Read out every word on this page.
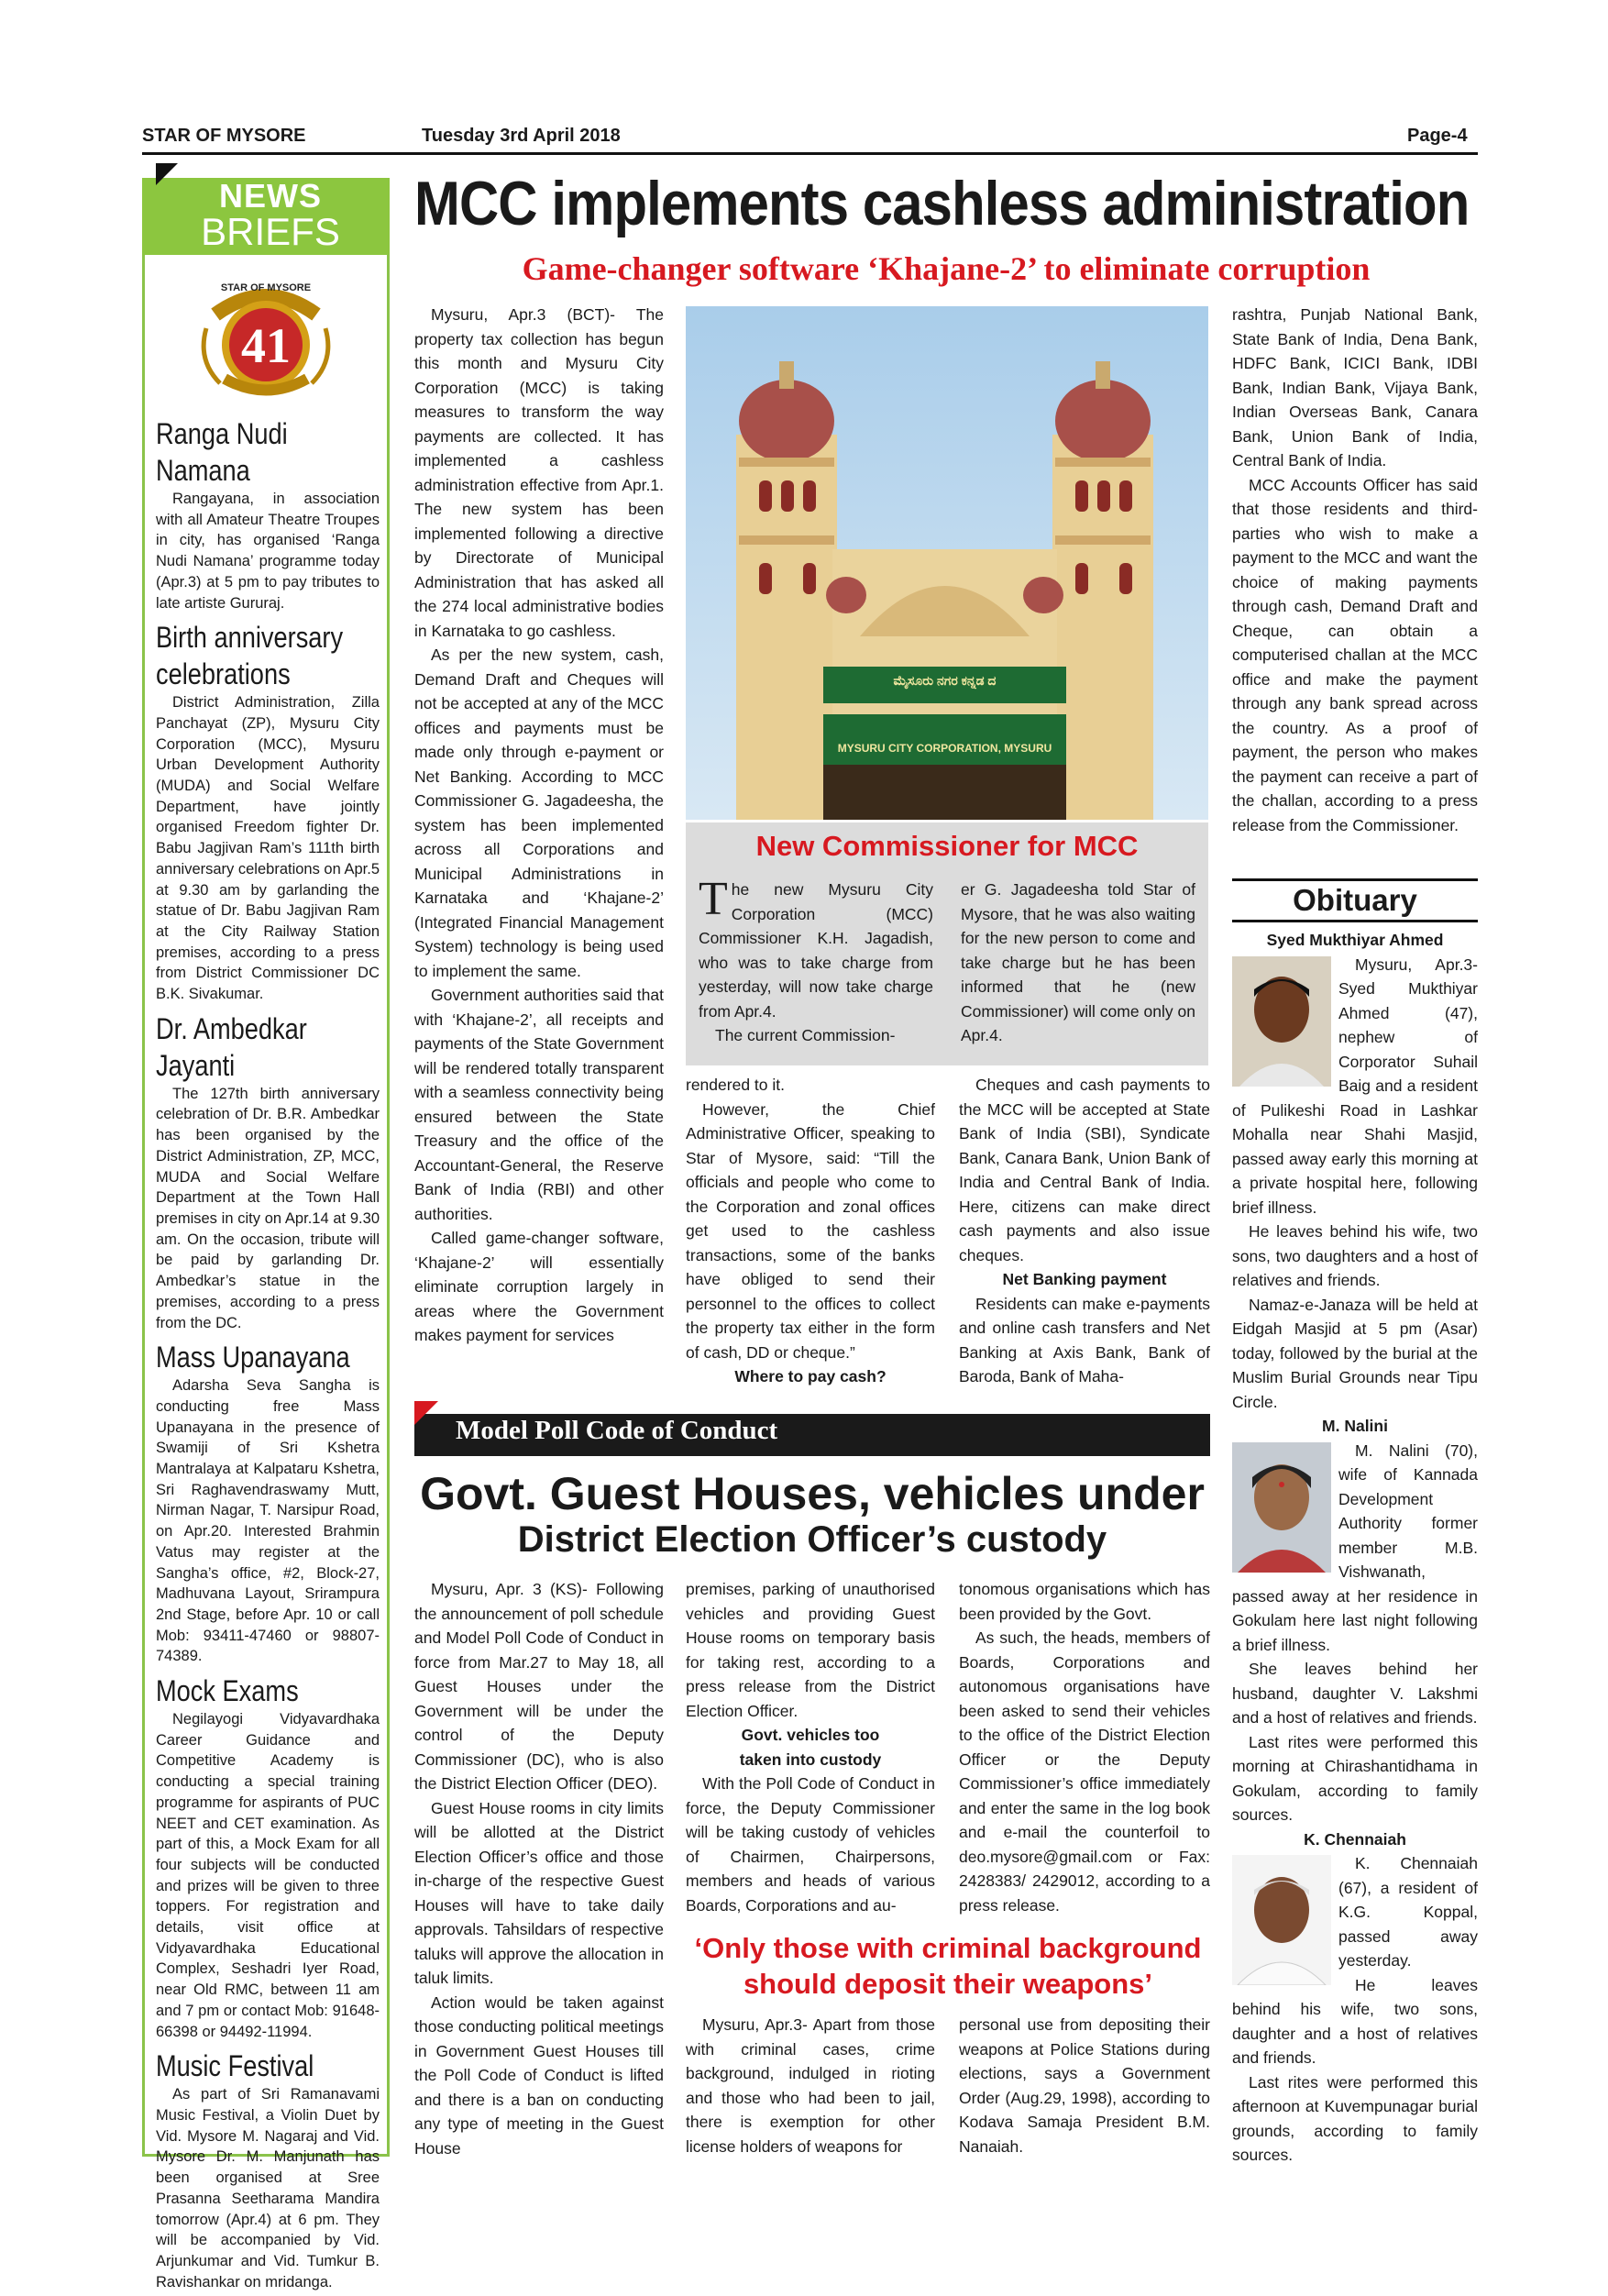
STAR OF MYSORE	Tuesday 3rd April 2018	Page-4
NEWS
BRIEFS
STAR OF MYSORE
41
Ranga Nudi Namana

Rangayana, in association with all Amateur Theatre Troupes in city, has organised ‘Ranga Nudi Namana’ programme today (Apr.3) at 5 pm to pay tributes to late artiste Gururaj.

Birth anniversary celebrations

District Administration, Zilla Panchayat (ZP), Mysuru City Corporation (MCC), Mysuru Urban Development Authority (MUDA) and Social Welfare Department, have jointly organised Freedom fighter Dr. Babu Jagjivan Ram’s 111th birth anniversary celebrations on Apr.5 at 9.30 am by garlanding the statue of Dr. Babu Jagjivan Ram at the City Railway Station premises, according to a press from District Commissioner DC B.K. Sivakumar.

Dr. Ambedkar Jayanti

The 127th birth anniversary celebration of Dr. B.R. Ambedkar has been organised by the District Administration, ZP, MCC, MUDA and Social Welfare Department at the Town Hall premises in city on Apr.14 at 9.30 am. On the occasion, tribute will be paid by garlanding Dr. Ambedkar’s statue in the premises, according to a press from the DC.

Mass Upanayana

Adarsha Seva Sangha is conducting free Mass Upanayana in the presence of Swamiji of Sri Kshetra Mantralaya at Kalpataru Kshetra, Sri Raghavendraswamy Mutt, Nirman Nagar, T. Narsipur Road, on Apr.20. Interested Brahmin Vatus may register at the Sangha’s office, #2, Block-27, Madhuvana Layout, Srirampura 2nd Stage, before Apr. 10 or call Mob: 93411-47460 or 98807-74389.

Mock Exams

Negilayogi Vidyavardhaka Career Guidance and Competitive Academy is conducting a special training programme for aspirants of PUC NEET and CET examination. As part of this, a Mock Exam for all four subjects will be conducted and prizes will be given to three toppers. For registration and details, visit office at Vidyavardhaka Educational Complex, Seshadri Iyer Road, near Old RMC, between 11 am and 7 pm or contact Mob: 91648-66398 or 94492-11994.

Music Festival

As part of Sri Ramanavami Music Festival, a Violin Duet by Vid. Mysore M. Nagaraj and Vid. Mysore Dr. M. Manjunath has been organised at Sree Prasanna Seetharama Mandira tomorrow (Apr.4) at 6 pm. They will be accompanied by Vid. Arjunkumar and Vid. Tumkur B. Ravishankar on mridanga.

MCC implements cashless administration
Game-changer software ‘Khajane-2’ to eliminate corruption

Mysuru, Apr.3 (BCT)- The property tax collection has begun this month and Mysuru City Corporation (MCC) is taking measures to transform the way payments are collected. It has implemented a cashless administration effective from Apr.1. The new system has been implemented following a directive by Directorate of Municipal Administration that has asked all the 274 local administrative bodies in Karnataka to go cashless.

As per the new system, cash, Demand Draft and Cheques will not be accepted at any of the MCC offices and payments must be made only through e-payment or Net Banking. According to MCC Commissioner G. Jagadeesha, the system has been implemented across all Corporations and Municipal Administrations in Karnataka and ‘Khajane-2’ (Integrated Financial Management System) technology is being used to implement the same.

Government authorities said that with ‘Khajane-2’, all receipts and payments of the State Government will be rendered totally transparent with a seamless connectivity being ensured between the State Treasury and the office of the Accountant-General, the Reserve Bank of India (RBI) and other authorities.

Called game-changer software, ‘Khajane-2’ will essentially eliminate corruption largely in areas where the Government makes payment for services

ಮೈಸೂರು ನಗರ ಕನ್ನಡ ದ
MYSURU CITY CORPORATION, MYSURU
New Commissioner for MCC
T he new Mysuru City Corporation (MCC) Commissioner K.H. Jagadish, who was to take charge from yesterday, will now take charge from Apr.4.

The current Commission-

er G. Jagadeesha told Star of Mysore, that he was also waiting for the new person to come and take charge but he has been informed that he (new Commissioner) will come only on Apr.4.
rendered to it.

However, the Chief Administrative Officer, speaking to Star of Mysore, said: “Till the officials and people who come to the Corporation and zonal offices get used to the cashless transactions, some of the banks have obliged to send their personnel to the offices to collect the property tax either in the form of cash, DD or cheque.”

Where to pay cash?

Cheques and cash payments to the MCC will be accepted at State Bank of India (SBI), Syndicate Bank, Canara Bank, Union Bank of India and Central Bank of India. Here, citizens can make direct cash payments and also issue cheques.

Net Banking payment

Residents can make e-payments and online cash transfers and Net Banking at Axis Bank, Bank of Baroda, Bank of Maha-

rashtra, Punjab National Bank, State Bank of India, Dena Bank, HDFC Bank, ICICI Bank, IDBI Bank, Indian Bank, Vijaya Bank, Indian Overseas Bank, Canara Bank, Union Bank of India, Central Bank of India.

MCC Accounts Officer has said that those residents and third-parties who wish to make a payment to the MCC and want the choice of making payments through cash, Demand Draft and Cheque, can obtain a computerised challan at the MCC office and make the payment through any bank spread across the country. As a proof of payment, the person who makes the payment can receive a part of the challan, according to a press release from the Commissioner.

Obituary
Syed Mukthiyar Ahmed

Mysuru, Apr.3- Syed Mukthiyar Ahmed (47), nephew of Corporator Suhail Baig and a resident of Pulikeshi Road in Lashkar Mohalla near Shahi Masjid, passed away early this morning at a private hospital here, following brief illness.

He leaves behind his wife, two sons, two daughters and a host of relatives and friends.

Namaz-e-Janaza will be held at Eidgah Masjid at 5 pm (Asar) today, followed by the burial at the Muslim Burial Grounds near Tipu Circle.

M. Nalini

M. Nalini (70), wife of Kannada Development Authority former member M.B. Vishwanath, passed away at her residence in Gokulam here last night following a brief illness.

She leaves behind her husband, daughter V. Lakshmi and a host of relatives and friends.

Last rites were performed this morning at Chirashantidhama in Gokulam, according to family sources.

K. Chennaiah

K. Chennaiah (67), a resident of K.G. Koppal, passed away yesterday.

He leaves behind his wife, two sons, daughter and a host of relatives and friends.

Last rites were performed this afternoon at Kuvempunagar burial grounds, according to family sources.

Model Poll Code of Conduct
Govt. Guest Houses, vehicles under
District Election Officer’s custody

Mysuru, Apr. 3 (KS)- Following the announcement of poll schedule and Model Poll Code of Conduct in force from Mar.27 to May 18, all Guest Houses under the Government will be under the control of the Deputy Commissioner (DC), who is also the District Election Officer (DEO).

Guest House rooms in city limits will be allotted at the District Election Officer’s office and those in-charge of the respective Guest Houses will have to take daily approvals. Tahsildars of respective taluks will approve the allocation in taluk limits.

Action would be taken against those conducting political meetings in Government Guest Houses till the Poll Code of Conduct is lifted and there is a ban on conducting any type of meeting in the Guest House

premises, parking of unauthorised vehicles and providing Guest House rooms on temporary basis for taking rest, according to a press release from the District Election Officer.
Govt. vehicles too
taken into custody

With the Poll Code of Conduct in force, the Deputy Commissioner will be taking custody of vehicles of Chairmen, Chairpersons, members and heads of various Boards, Corporations and au-

tonomous organisations which has been provided by the Govt.

As such, the heads, members of Boards, Corporations and autonomous organisations have been asked to send their vehicles to the office of the District Election Officer or the Deputy Commissioner’s office immediately and enter the same in the log book and e-mail the counterfoil to deo.mysore@gmail.com or Fax: 2428383/ 2429012, according to a press release.

‘Only those with criminal background
should deposit their weapons’

Mysuru, Apr.3- Apart from those with criminal cases, crime background, indulged in rioting and those who had been to jail, there is exemption for other license holders of weapons for

personal use from depositing their weapons at Police Stations during elections, says a Government Order (Aug.29, 1998), according to Kodava Samaja President B.M. Nanaiah.
